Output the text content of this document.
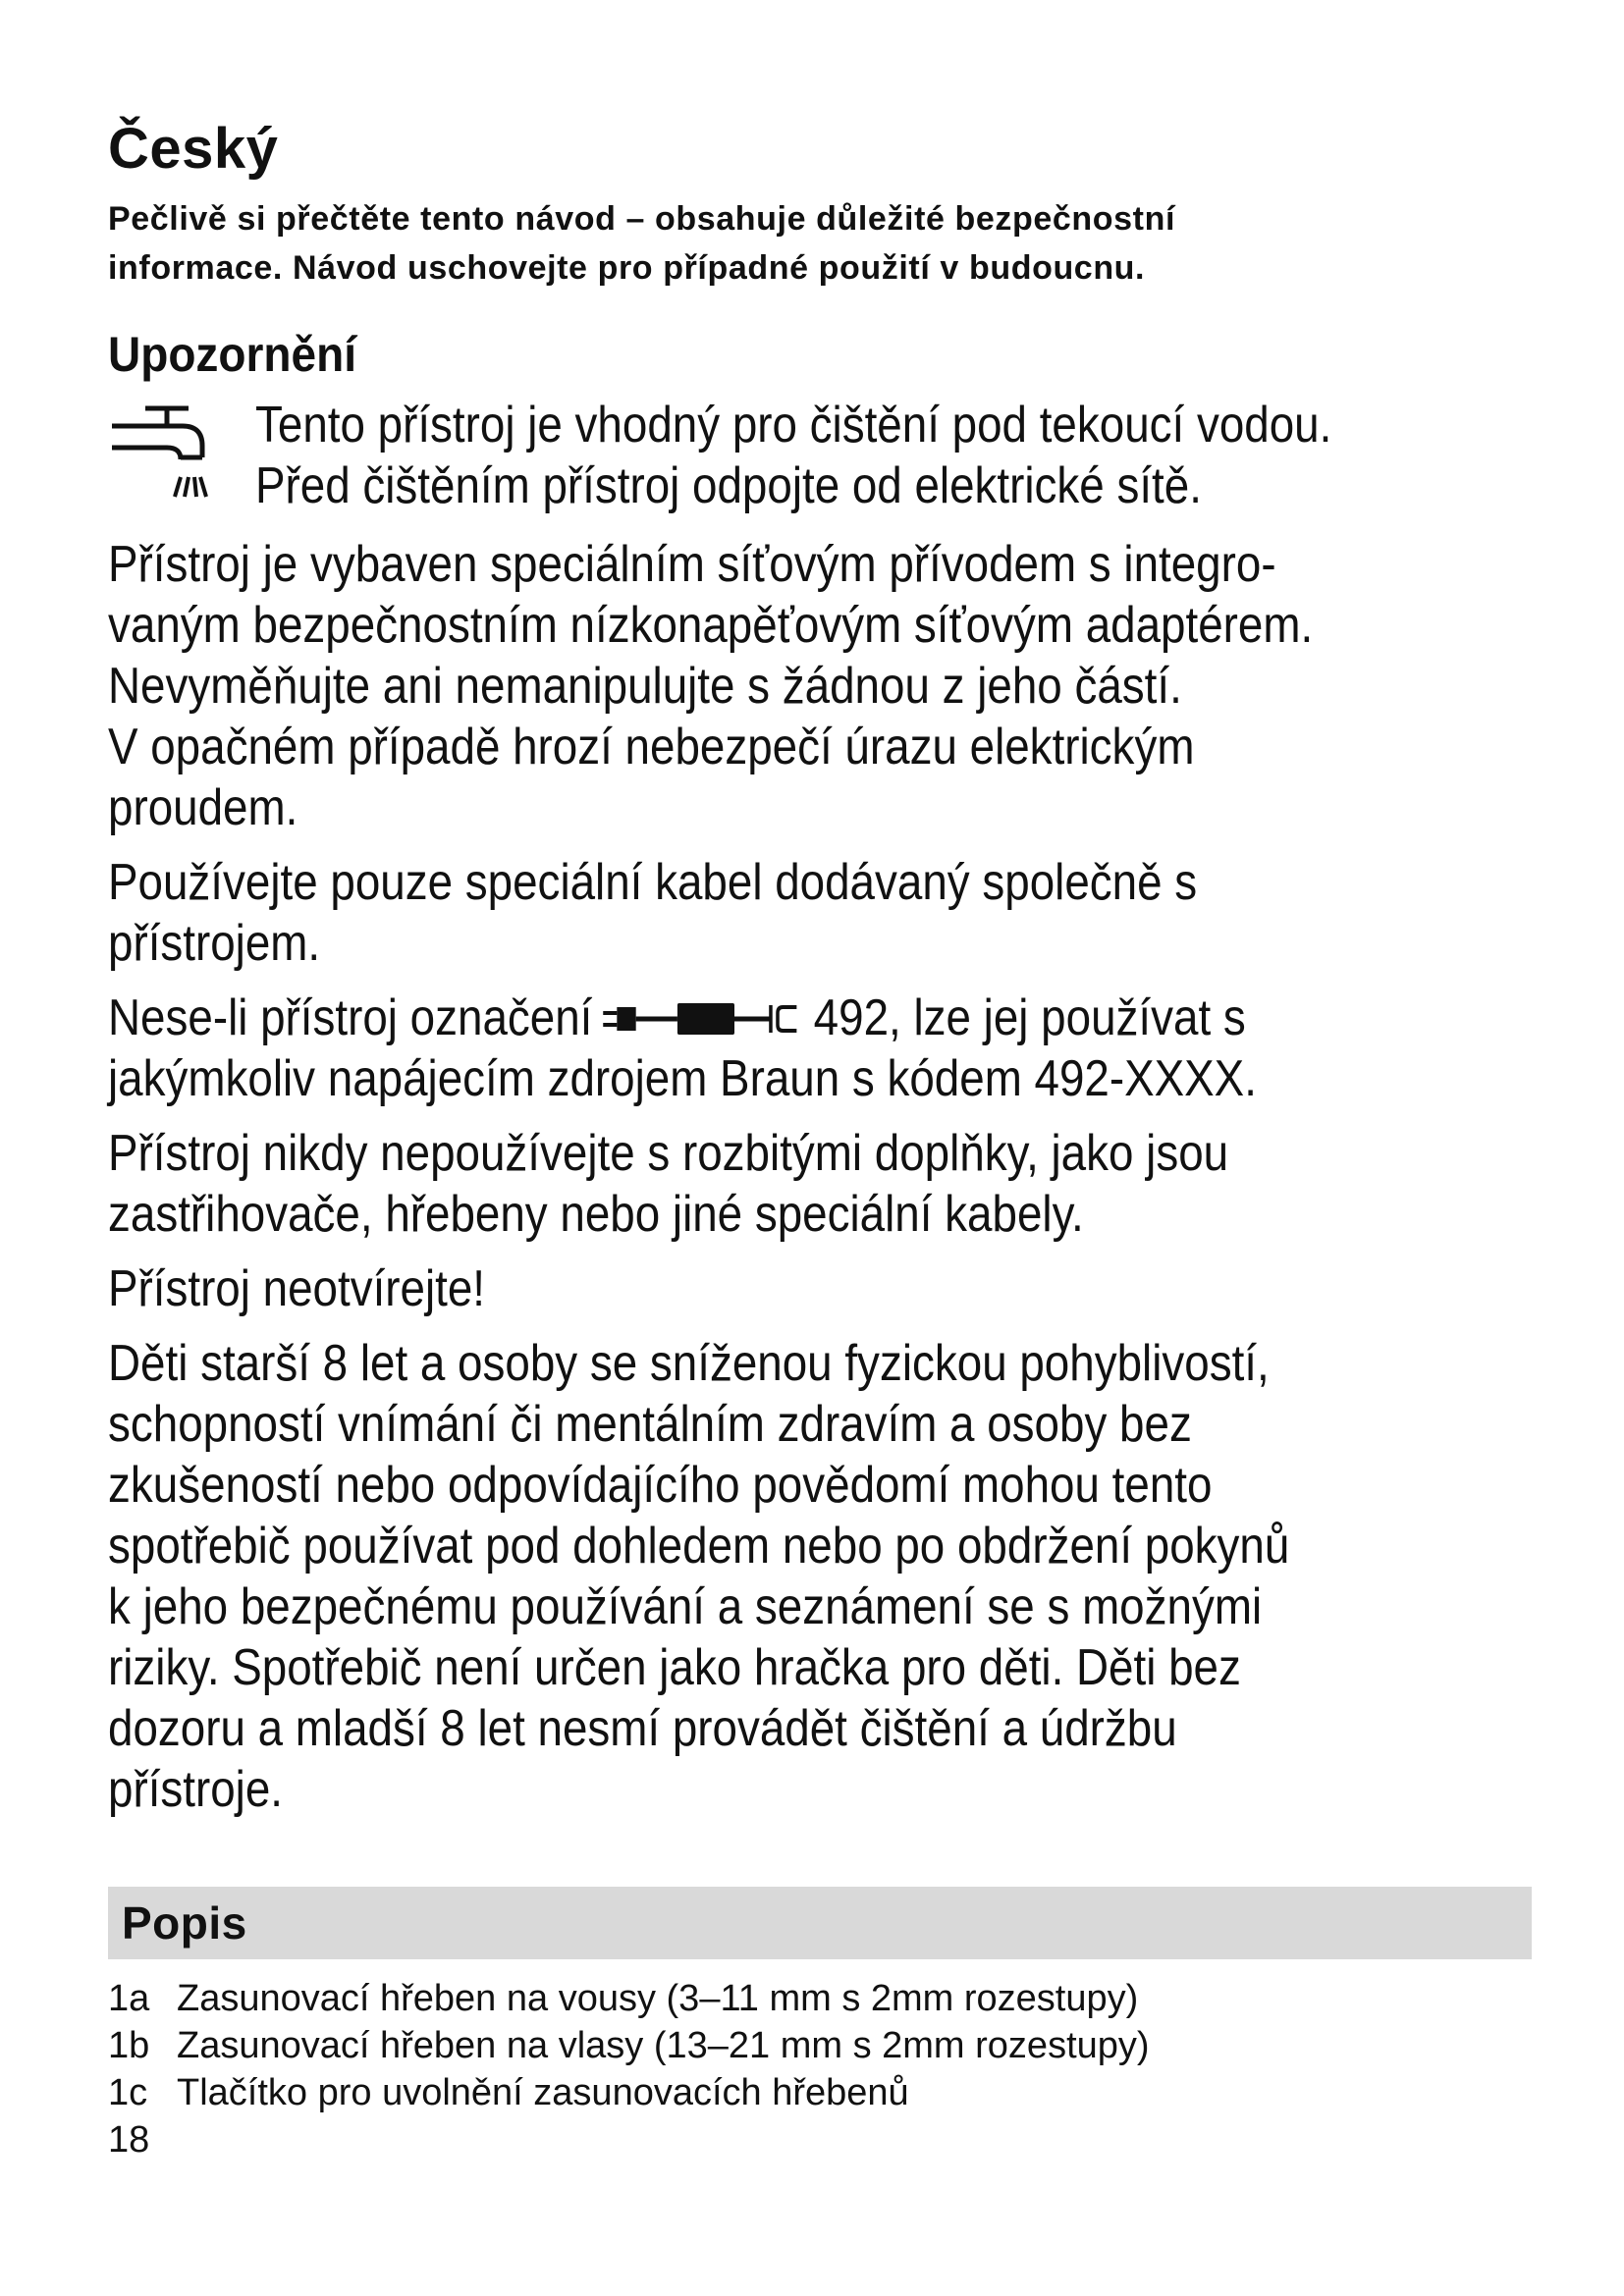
Český
Pečlivě si přečtěte tento návod – obsahuje důležité bezpečnostní
informace. Návod uschovejte pro případné použití v budoucnu.
Upozornění
Tento přístroj je vhodný pro čištění pod tekoucí vodou.
Před čištěním přístroj odpojte od elektrické sítě.
Přístroj je vybaven speciálním síťovým přívodem s integro-
vaným bezpečnostním nízkonapěťovým síťovým adaptérem.
Nevyměňujte ani nemanipulujte s žádnou z jeho částí.
V opačném případě hrozí nebezpečí úrazu elektrickým
proudem.
Používejte pouze speciální kabel dodávaný společně s
přístrojem.
Nese-li přístroj označení	492, lze jej používat s
jakýmkoliv napájecím zdrojem Braun s kódem 492-XXXX.
Přístroj nikdy nepoužívejte s rozbitými doplňky, jako jsou
zastřihovače, hřebeny nebo jiné speciální kabely.
Přístroj neotvírejte!
Děti starší 8 let a osoby se sníženou fyzickou pohyblivostí,
schopností vnímání či mentálním zdravím a osoby bez
zkušeností nebo odpovídajícího povědomí mohou tento
spotřebič používat pod dohledem nebo po obdržení pokynů
k jeho bezpečnému používání a seznámení se s možnými
riziky. Spotřebič není určen jako hračka pro děti. Děti bez
dozoru a mladší 8 let nesmí provádět čištění a údržbu
přístroje.
Popis
1a Zasunovací hřeben na vousy (3–11 mm s 2mm rozestupy)
1b Zasunovací hřeben na vlasy (13–21 mm s 2mm rozestupy)
1c Tlačítko pro uvolnění zasunovacích hřebenů
18
